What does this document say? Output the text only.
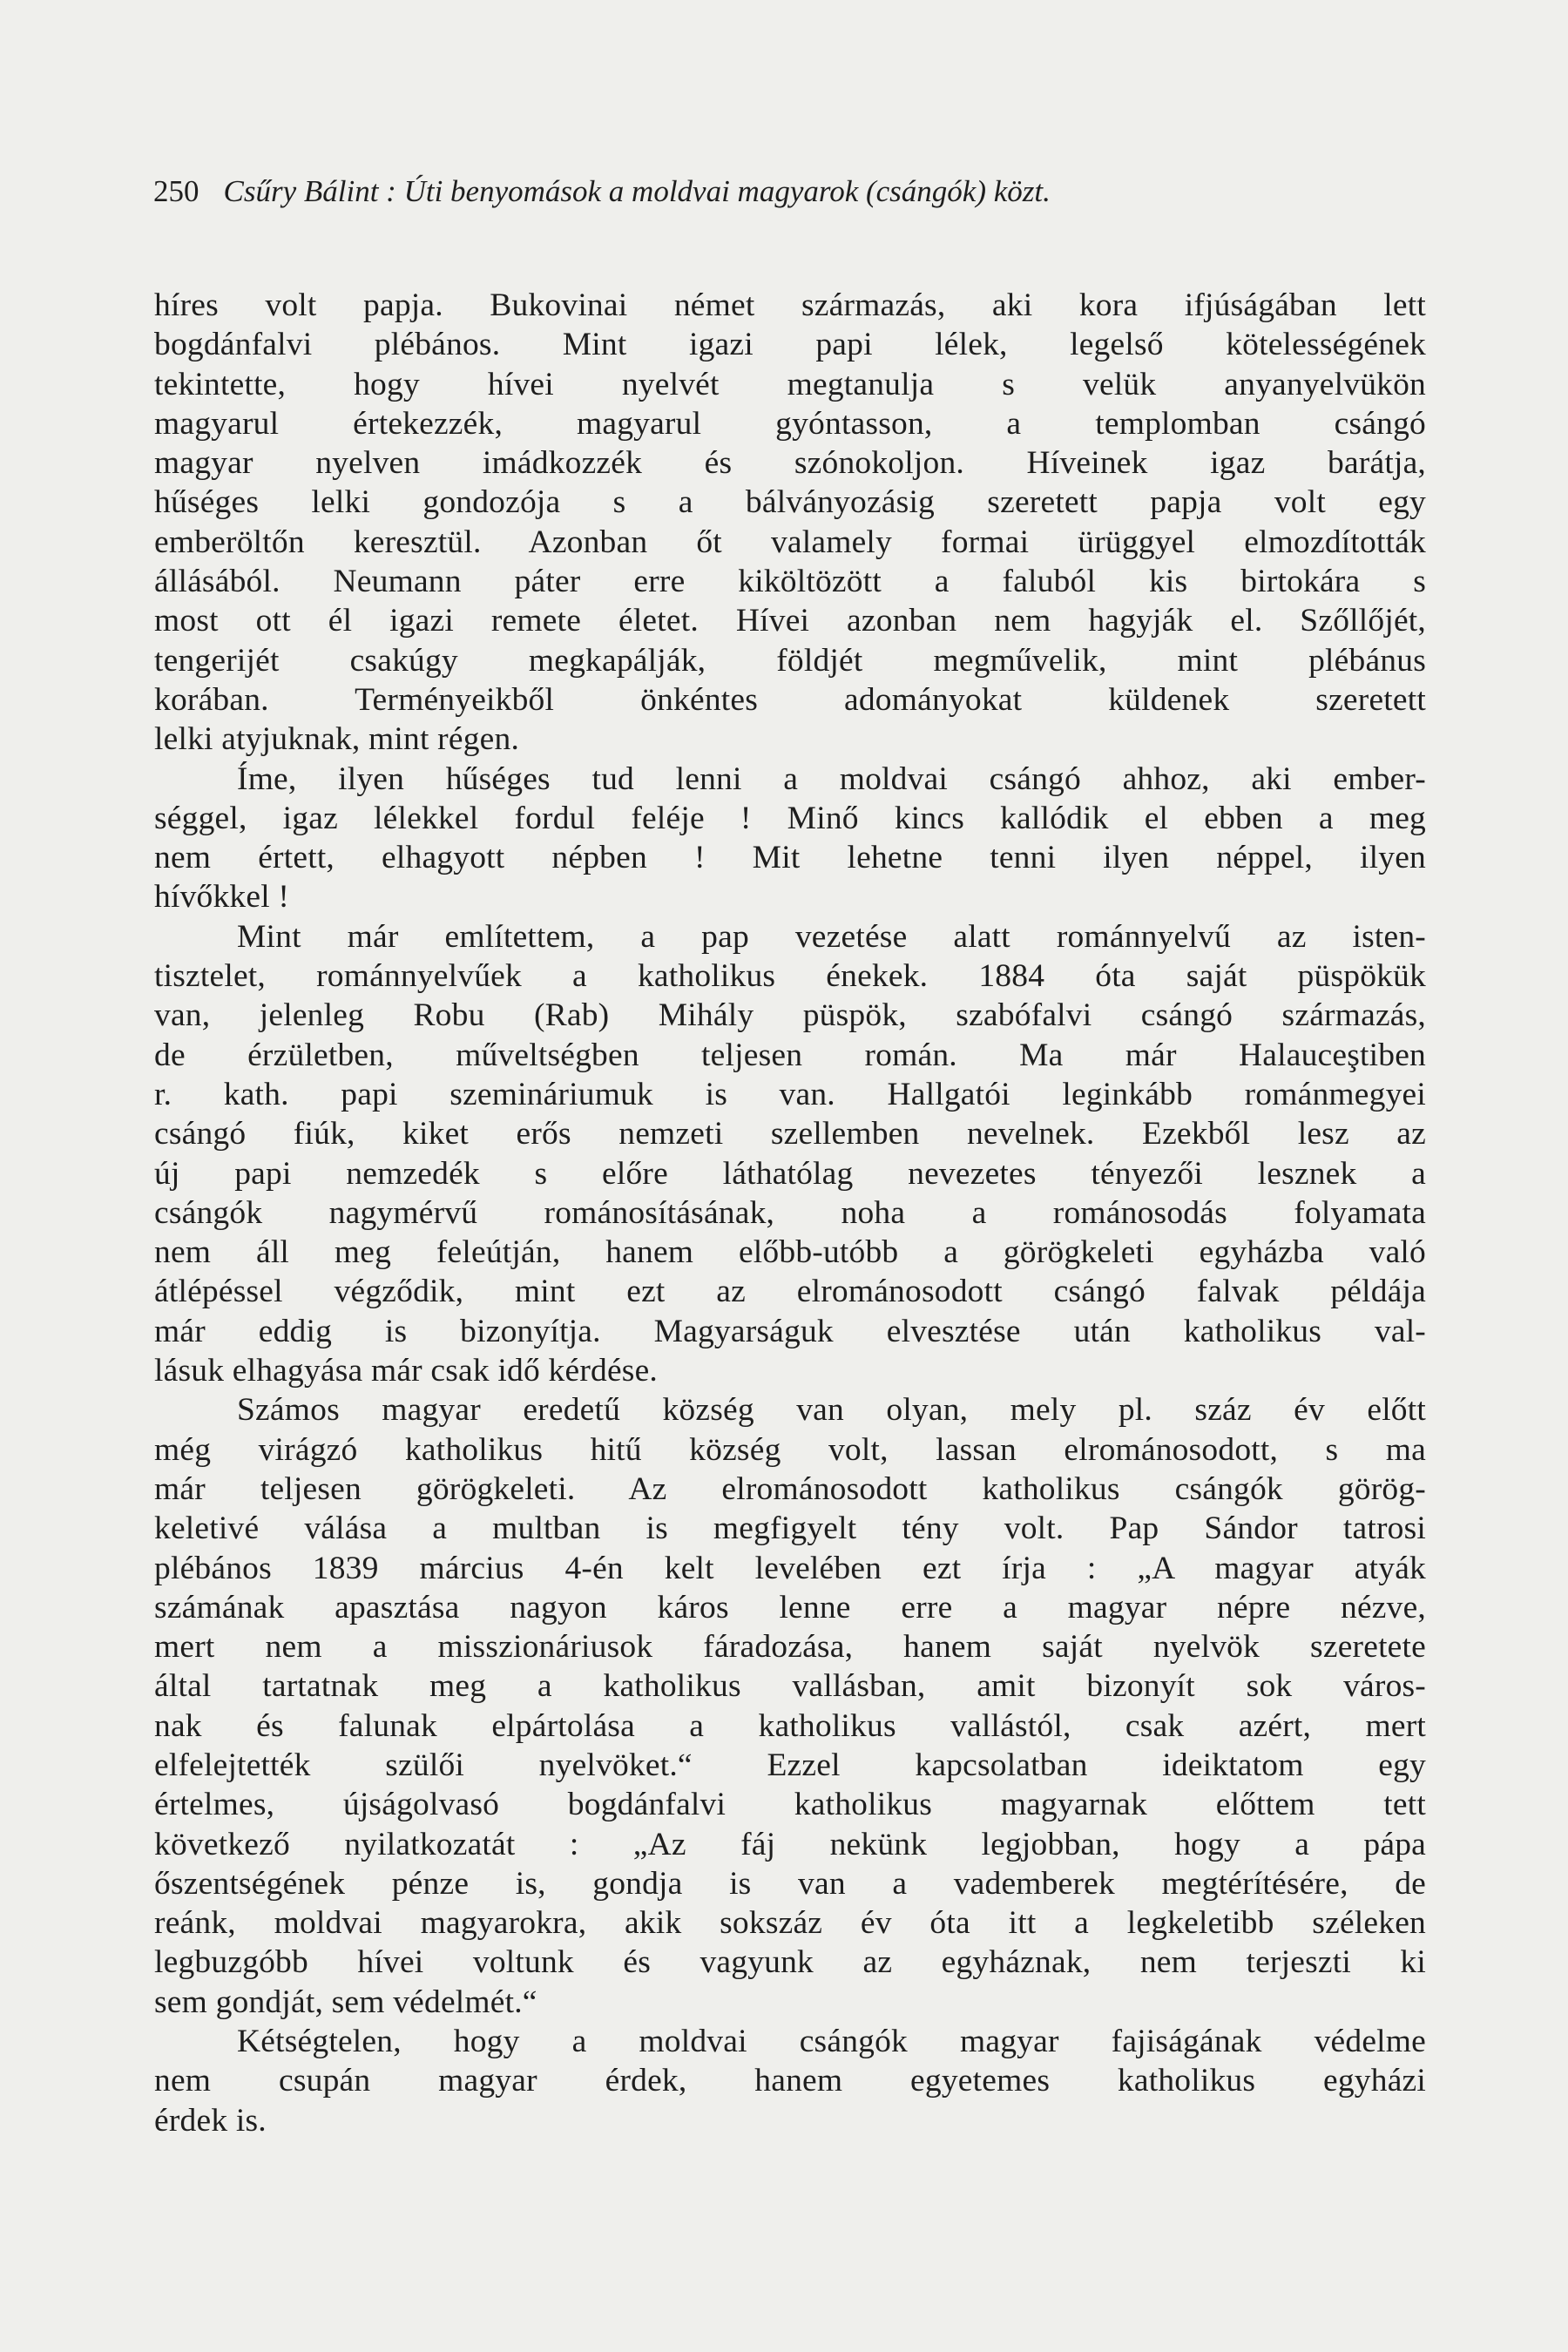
250 Csűry Bálint : Úti benyomások a moldvai magyarok (csángók) közt.
híres volt papja. Bukovinai német származás, aki kora ifjúságában lett
bogdánfalvi plébános. Mint igazi papi lélek, legelső kötelességének
tekintette, hogy hívei nyelvét megtanulja s velük anyanyelvükön
magyarul értekezzék, magyarul gyóntasson, a templomban csángó
magyar nyelven imádkozzék és szónokoljon. Híveinek igaz barátja,
hűséges lelki gondozója s a bálványozásig szeretett papja volt egy
emberöltőn keresztül. Azonban őt valamely formai ürüggyel elmozdították
állásából. Neumann páter erre kiköltözött a faluból kis birtokára s
most ott él igazi remete életet. Hívei azonban nem hagyják el. Szőllőjét,
tengerijét csakúgy megkapálják, földjét megművelik, mint plébánus
korában. Terményeikből önkéntes adományokat küldenek szeretett
lelki atyjuknak, mint régen.
Íme, ilyen hűséges tud lenni a moldvai csángó ahhoz, aki ember-
séggel, igaz lélekkel fordul feléje ! Minő kincs kallódik el ebben a meg
nem értett, elhagyott népben ! Mit lehetne tenni ilyen néppel, ilyen
hívőkkel !
Mint már említettem, a pap vezetése alatt románnyelvű az isten-
tisztelet, románnyelvűek a katholikus énekek. 1884 óta saját püspökük
van, jelenleg Robu (Rab) Mihály püspök, szabófalvi csángó származás,
de érzületben, műveltségben teljesen román. Ma már Halauceştiben
r. kath. papi szemináriumuk is van. Hallgatói leginkább románmegyei
csángó fiúk, kiket erős nemzeti szellemben nevelnek. Ezekből lesz az
új papi nemzedék s előre láthatólag nevezetes tényezői lesznek a
csángók nagymérvű románosításának, noha a románosodás folyamata
nem áll meg feleútján, hanem előbb-utóbb a görögkeleti egyházba való
átlépéssel végződik, mint ezt az elrománosodott csángó falvak példája
már eddig is bizonyítja. Magyarságuk elvesztése után katholikus val-
lásuk elhagyása már csak idő kérdése.
Számos magyar eredetű község van olyan, mely pl. száz év előtt
még virágzó katholikus hitű község volt, lassan elrománosodott, s ma
már teljesen görögkeleti. Az elrománosodott katholikus csángók görög-
keletivé válása a multban is megfigyelt tény volt. Pap Sándor tatrosi
plébános 1839 március 4-én kelt levelében ezt írja : „A magyar atyák
számának apasztása nagyon káros lenne erre a magyar népre nézve,
mert nem a misszionáriusok fáradozása, hanem saját nyelvök szeretete
által tartatnak meg a katholikus vallásban, amit bizonyít sok város-
nak és falunak elpártolása a katholikus vallástól, csak azért, mert
elfelejtették szülői nyelvöket.“ Ezzel kapcsolatban ideiktatom egy
értelmes, újságolvasó bogdánfalvi katholikus magyarnak előttem tett
következő nyilatkozatát : „Az fáj nekünk legjobban, hogy a pápa
őszentségének pénze is, gondja is van a vademberek megtérítésére, de
reánk, moldvai magyarokra, akik sokszáz év óta itt a legkeletibb széleken
legbuzgóbb hívei voltunk és vagyunk az egyháznak, nem terjeszti ki
sem gondját, sem védelmét.“
Kétségtelen, hogy a moldvai csángók magyar fajiságának védelme
nem csupán magyar érdek, hanem egyetemes katholikus egyházi
érdek is.
